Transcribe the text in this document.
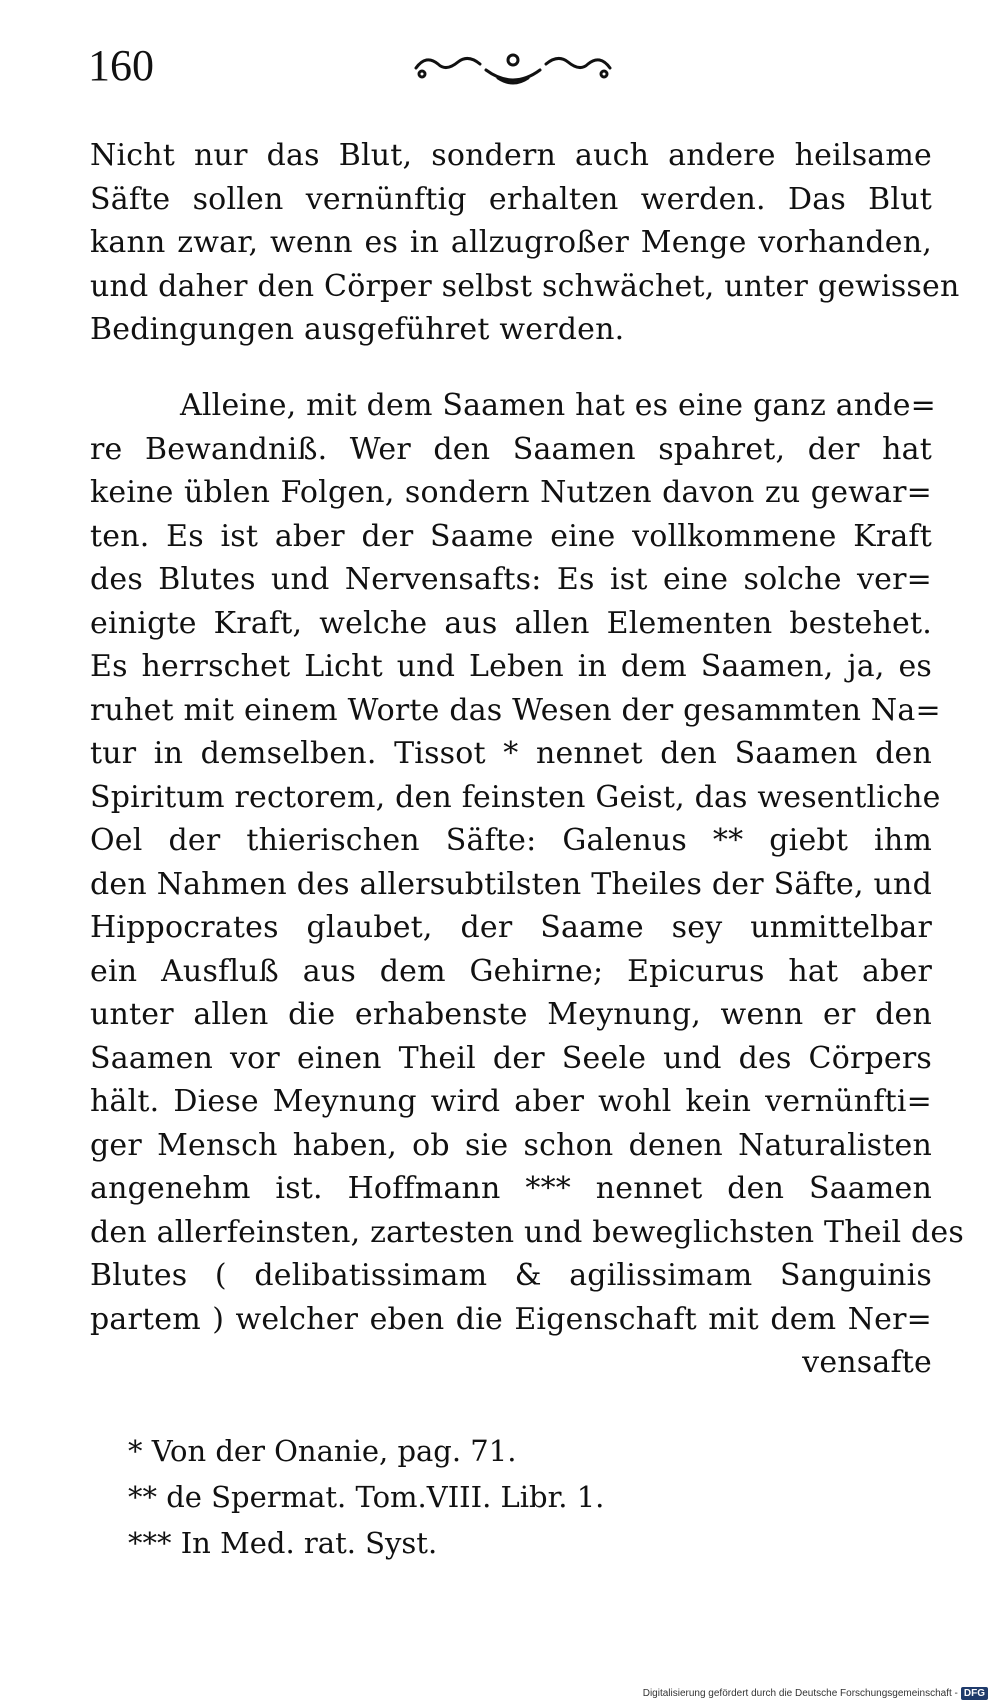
160
Nicht nur das Blut, sondern auch andere heilsame
Säfte sollen vernünftig erhalten werden. Das Blut
kann zwar, wenn es in allzugroßer Menge vorhanden,
und daher den Cörper selbst schwächet, unter gewissen
Bedingungen ausgeführet werden.
Alleine, mit dem Saamen hat es eine ganz ande=
re Bewandniß. Wer den Saamen spahret, der hat
keine üblen Folgen, sondern Nutzen davon zu gewar=
ten. Es ist aber der Saame eine vollkommene Kraft
des Blutes und Nervensafts: Es ist eine solche ver=
einigte Kraft, welche aus allen Elementen bestehet.
Es herrschet Licht und Leben in dem Saamen, ja, es
ruhet mit einem Worte das Wesen der gesammten Na=
tur in demselben. Tissot * nennet den Saamen den
Spiritum rectorem, den feinsten Geist, das wesentliche
Oel der thierischen Säfte: Galenus ** giebt ihm
den Nahmen des allersubtilsten Theiles der Säfte, und
Hippocrates glaubet, der Saame sey unmittelbar
ein Ausfluß aus dem Gehirne; Epicurus hat aber
unter allen die erhabenste Meynung, wenn er den
Saamen vor einen Theil der Seele und des Cörpers
hält. Diese Meynung wird aber wohl kein vernünfti=
ger Mensch haben, ob sie schon denen Naturalisten
angenehm ist. Hoffmann *** nennet den Saamen
den allerfeinsten, zartesten und beweglichsten Theil des
Blutes ( delibatissimam & agilissimam Sanguinis
partem ) welcher eben die Eigenschaft mit dem Ner=
vensafte
* Von der Onanie, pag. 71.
** de Spermat. Tom.VIII. Libr. 1.
*** In Med. rat. Syst.
Digitalisierung gefördert durch die Deutsche Forschungsgemeinschaft - DFG
